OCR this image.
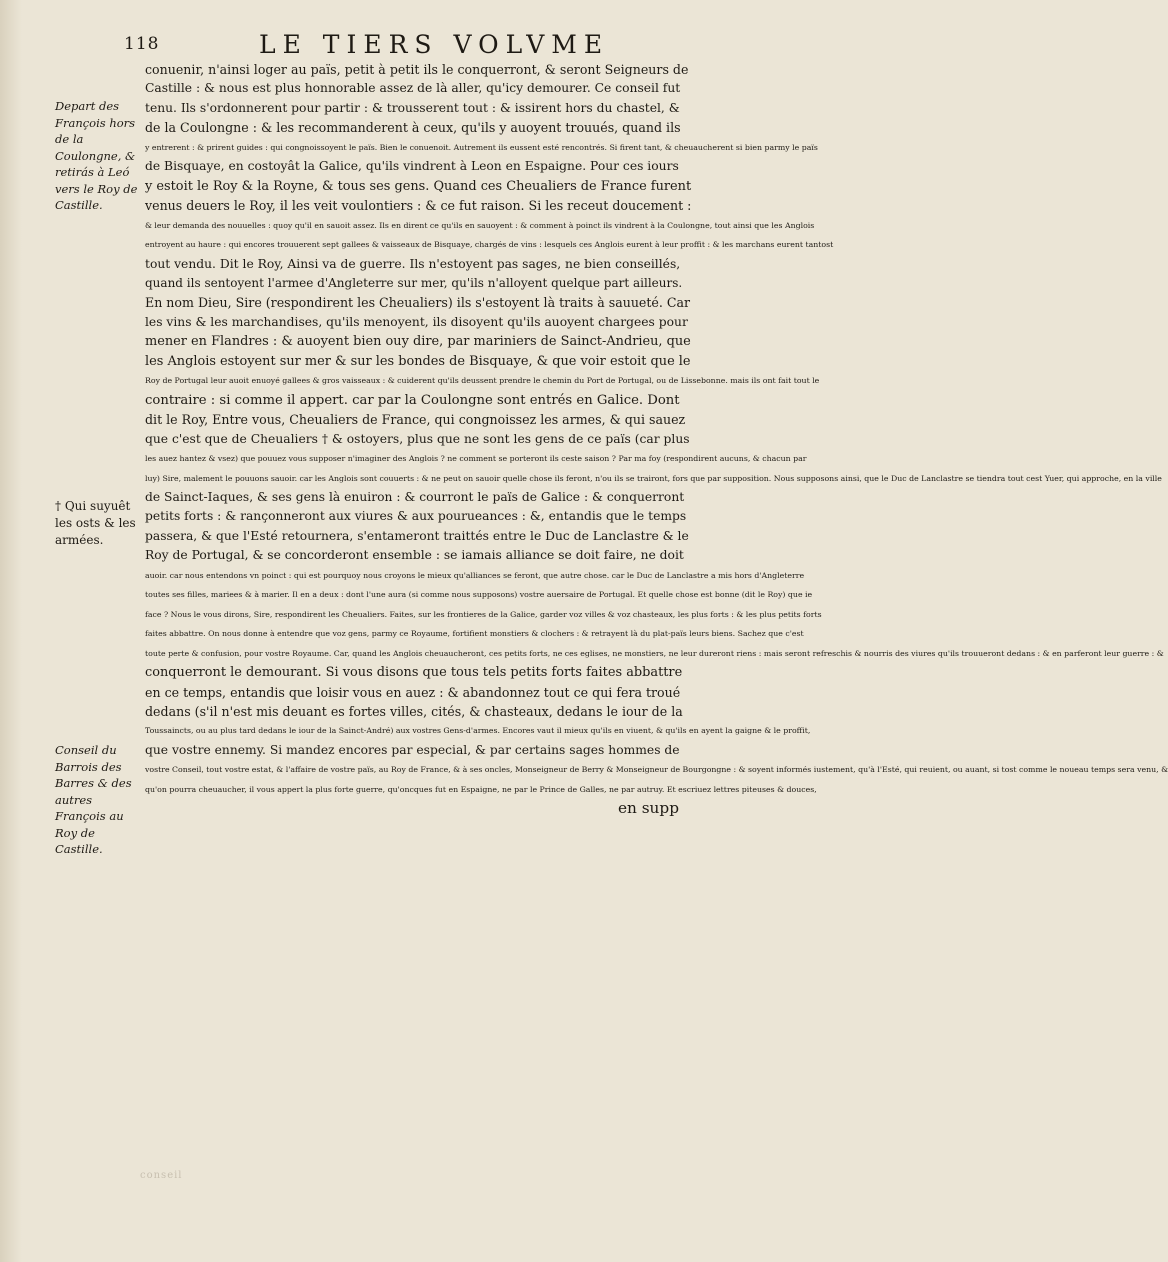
118	LE TIERS VOLVME
Depart des François hors de la Coulongne, & retirás à Leó vers le Roy de Castille.
† Qui suyuêt les osts & les armées.
Conseil du Barrois des Barres & des autres François au Roy de Castille.
conuenir, n'ainsi loger au païs, petit à petit ils le conquerront, & seront Seigneurs de
Castille : & nous est plus honnorable assez de là aller, qu'icy demourer. Ce conseil fut
tenu. Ils s'ordonnerent pour partir : & trousserent tout : & issirent hors du chastel, &
de la Coulongne : & les recommanderent à ceux, qu'ils y auoyent trouués, quand ils
y entrerent : & prirent guides : qui congnoissoyent le païs. Bien le conuenoit. Autrement ils eussent esté rencontrés. Si firent tant, & cheuaucherent si bien parmy le païs
de Bisquaye, en costoyât la Galice, qu'ils vindrent à Leon en Espaigne. Pour ces iours
y estoit le Roy & la Royne, & tous ses gens. Quand ces Cheualiers de France furent
venus deuers le Roy, il les veit voulontiers : & ce fut raison. Si les receut doucement :
& leur demanda des nouuelles : quoy qu'il en sauoit assez. Ils en dirent ce qu'ils en sauoyent : & comment à poinct ils vindrent à la Coulongne, tout ainsi que les Anglois
entroyent au haure : qui encores trouuerent sept gallees & vaisseaux de Bisquaye, chargés de vins : lesquels ces Anglois eurent à leur proffit : & les marchans eurent tantost
tout vendu. Dit le Roy, Ainsi va de guerre. Ils n'estoyent pas sages, ne bien conseillés,
quand ils sentoyent l'armee d'Angleterre sur mer, qu'ils n'alloyent quelque part ailleurs.
En nom Dieu, Sire (respondirent les Cheualiers) ils s'estoyent là traits à sauueté. Car
les vins & les marchandises, qu'ils menoyent, ils disoyent qu'ils auoyent chargees pour
mener en Flandres : & auoyent bien ouy dire, par mariniers de Sainct-Andrieu, que
les Anglois estoyent sur mer & sur les bondes de Bisquaye, & que voir estoit que le
Roy de Portugal leur auoit enuoyé gallees & gros vaisseaux : & cuiderent qu'ils deussent prendre le chemin du Port de Portugal, ou de Lissebonne. mais ils ont fait tout le
contraire : si comme il appert. car par la Coulongne sont entrés en Galice. Dont
dit le Roy, Entre vous, Cheualiers de France, qui congnoissez les armes, & qui sauez
que c'est que de Cheualiers † & ostoyers, plus que ne sont les gens de ce païs (car plus
les auez hantez & vsez) que pouuez vous supposer n'imaginer des Anglois ? ne comment se porteront ils ceste saison ? Par ma foy (respondirent aucuns, & chacun par
luy) Sire, malement le pouuons sauoir. car les Anglois sont couuerts : & ne peut on sauoir quelle chose ils feront, n'ou ils se trairont, fors que par supposition. Nous supposons ainsi, que le Duc de Lanclastre se tiendra tout cest Yuer, qui approche, en la ville
de Sainct-Iaques, & ses gens là enuiron : & courront le païs de Galice : & conquerront
petits forts : & rançonneront aux viures & aux pourueances : &, entandis que le temps
passera, & que l'Esté retournera, s'entameront traittés entre le Duc de Lanclastre & le
Roy de Portugal, & se concorderont ensemble : se iamais alliance se doit faire, ne doit
auoir. car nous entendons vn poinct : qui est pourquoy nous croyons le mieux qu'alliances se feront, que autre chose. car le Duc de Lanclastre a mis hors d'Angleterre
toutes ses filles, mariees & à marier. Il en a deux : dont l'une aura (si comme nous supposons) vostre auersaire de Portugal. Et quelle chose est bonne (dit le Roy) que ie
face ? Nous le vous dirons, Sire, respondirent les Cheualiers. Faites, sur les frontieres de la Galice, garder voz villes & voz chasteaux, les plus forts : & les plus petits forts
faites abbattre. On nous donne à entendre que voz gens, parmy ce Royaume, fortifient monstiers & clochers : & retrayent là du plat-païs leurs biens. Sachez que c'est
toute perte & confusion, pour vostre Royaume. Car, quand les Anglois cheuaucheront, ces petits forts, ne ces eglises, ne monstiers, ne leur dureront riens : mais seront refreschis & nourris des viures qu'ils trouueront dedans : & en parferont leur guerre : &
conquerront le demourant. Si vous disons que tous tels petits forts faites abbattre
en ce temps, entandis que loisir vous en auez : & abandonnez tout ce qui fera troué
dedans (s'il n'est mis deuant es fortes villes, cités, & chasteaux, dedans le iour de la
Toussaincts, ou au plus tard dedans le iour de la Sainct-André) aux vostres Gens-d'armes. Encores vaut il mieux qu'ils en viuent, & qu'ils en ayent la gaigne & le proffit,
que vostre ennemy. Si mandez encores par especial, & par certains sages hommes de
vostre Conseil, tout vostre estat, & l'affaire de vostre païs, au Roy de France, & à ses oncles, Monseigneur de Berry & Monseigneur de Bourgongne : & soyent informés iustement, qu'à l'Esté, qui reuient, ou auant, si tost comme le noueau temps sera venu, &
qu'on pourra cheuaucher, il vous appert la plus forte guerre, qu'oncques fut en Espaigne, ne par le Prince de Galles, ne par autruy. Et escriuez lettres piteuses & douces,
en supp
conseil
